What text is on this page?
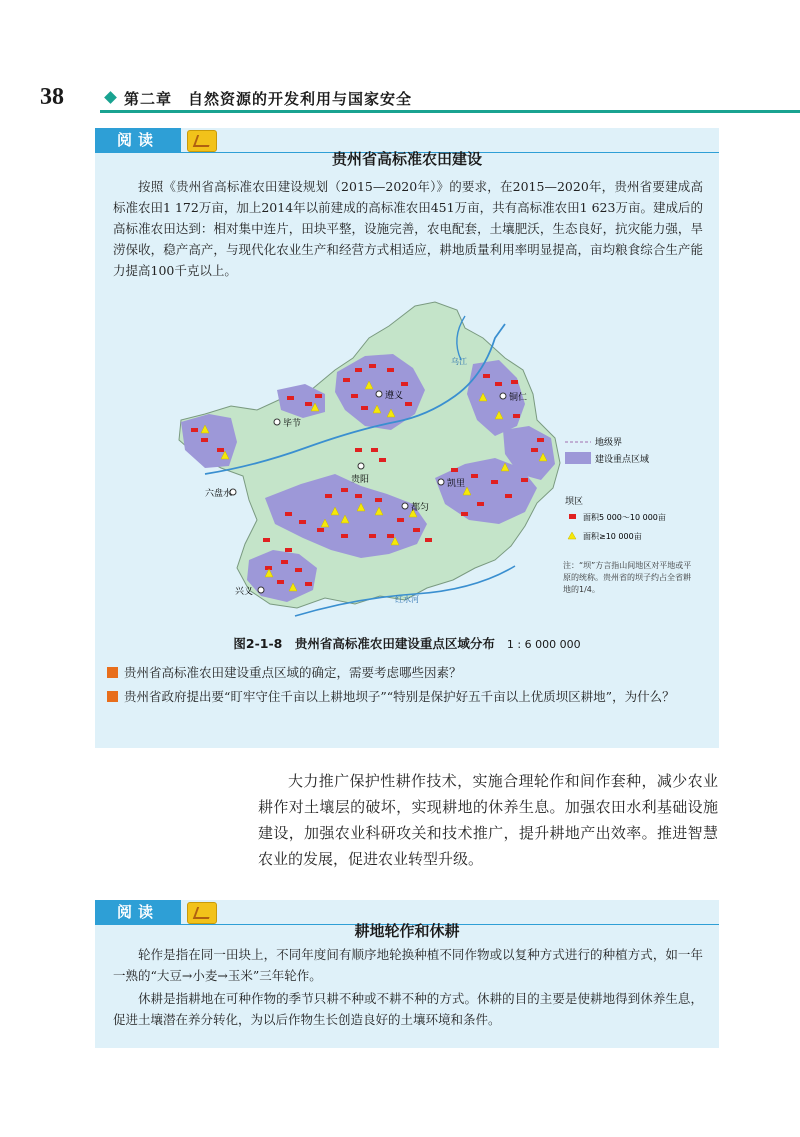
38	第二章　自然资源的开发利用与国家安全
阅读
贵州省高标准农田建设

按照《贵州省高标准农田建设规划（2015—2020年）》的要求，在2015—2020年，贵州省要建成高标准农田1 172万亩，加上2014年以前建成的高标准农田451万亩，共有高标准农田1 623万亩。建成后的高标准农田达到：相对集中连片，田块平整，设施完善，农电配套，土壤肥沃，生态良好，抗灾能力强，旱涝保收，稳产高产，与现代化农业生产和经营方式相适应，耕地质量利用率明显提高，亩均粮食综合生产能力提高100千克以上。

遵义	铜仁
毕节
贵阳	凯里
六盘水
都匀
兴义
乌江
红水河
地级界
建设重点区域
坝区
面积5 000～10 000亩
面积≥10 000亩
注：“坝”方言指山间地区对平地或平原的统称。贵州省的坝子约占全省耕地的1/4。
图2-1-8　贵州省高标准农田建设重点区域分布 1 : 6 000 000
贵州省高标准农田建设重点区域的确定，需要考虑哪些因素？
贵州省政府提出要“盯牢守住千亩以上耕地坝子”“特别是保护好五千亩以上优质坝区耕地”，为什么？

大力推广保护性耕作技术，实施合理轮作和间作套种，减少农业耕作对土壤层的破坏，实现耕地的休养生息。加强农田水利基础设施建设，加强农业科研攻关和技术推广，提升耕地产出效率。推进智慧农业的发展，促进农业转型升级。

阅读
耕地轮作和休耕

轮作是指在同一田块上，不同年度间有顺序地轮换种植不同作物或以复种方式进行的种植方式，如一年一熟的“大豆→小麦→玉米”三年轮作。

休耕是指耕地在可种作物的季节只耕不种或不耕不种的方式。休耕的目的主要是使耕地得到休养生息，促进土壤潜在养分转化，为以后作物生长创造良好的土壤环境和条件。
